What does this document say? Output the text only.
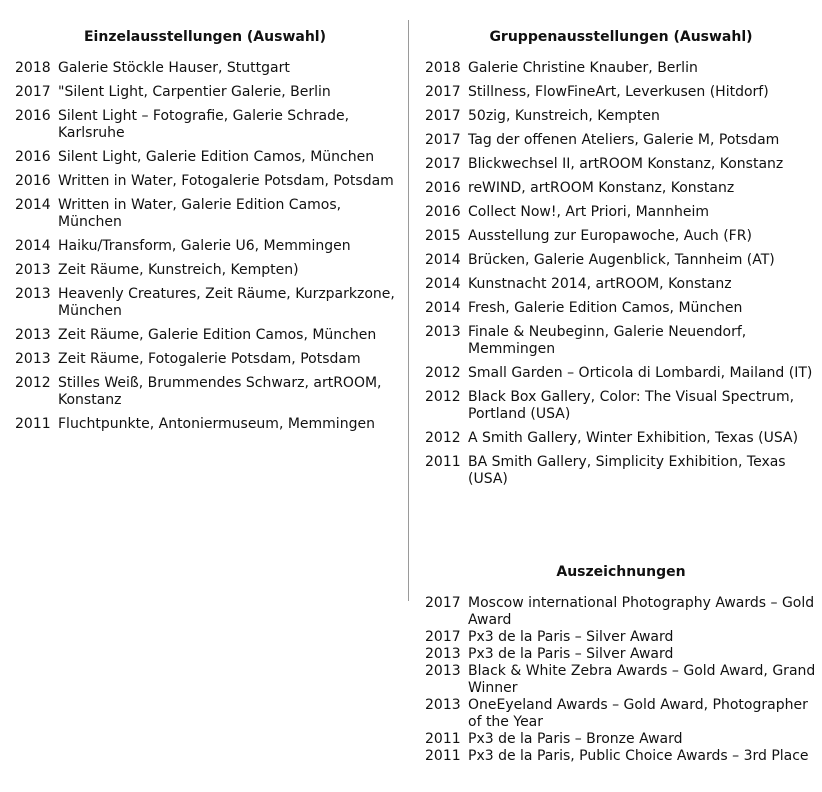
Einzelausstellungen (Auswahl)
2018 Galerie Stöckle Hauser, Stuttgart
2017 "Silent Light, Carpentier Galerie, Berlin
2016 Silent Light – Fotografie, Galerie Schrade, Karlsruhe
2016 Silent Light, Galerie Edition Camos, München
2016 Written in Water, Fotogalerie Potsdam, Potsdam
2014 Written in Water, Galerie Edition Camos, München
2014 Haiku/Transform, Galerie U6, Memmingen
2013 Zeit Räume, Kunstreich, Kempten)
2013 Heavenly Creatures, Zeit Räume, Kurzparkzone, München
2013 Zeit Räume, Galerie Edition Camos, München
2013 Zeit Räume, Fotogalerie Potsdam, Potsdam
2012 Stilles Weiß, Brummendes Schwarz, artROOM, Konstanz
2011 Fluchtpunkte, Antoniermuseum, Memmingen
Gruppenausstellungen (Auswahl)
2018 Galerie Christine Knauber, Berlin
2017 Stillness, FlowFineArt, Leverkusen (Hitdorf)
2017 50zig, Kunstreich, Kempten
2017 Tag der offenen Ateliers, Galerie M, Potsdam
2017 Blickwechsel II, artROOM Konstanz, Konstanz
2016 reWIND, artROOM Konstanz, Konstanz
2016 Collect Now!, Art Priori, Mannheim
2015 Ausstellung zur Europawoche, Auch (FR)
2014 Brücken, Galerie Augenblick, Tannheim (AT)
2014 Kunstnacht 2014, artROOM, Konstanz
2014 Fresh, Galerie Edition Camos, München
2013 Finale & Neubeginn, Galerie Neuendorf, Memmingen
2012 Small Garden – Orticola di Lombardi, Mailand (IT)
2012 Black Box Gallery, Color: The Visual Spectrum, Portland (USA)
2012 A Smith Gallery, Winter Exhibition, Texas (USA)
2011 BA Smith Gallery, Simplicity Exhibition, Texas (USA)
Auszeichnungen
2017 Moscow international Photography Awards – Gold Award
2017 Px3 de la Paris – Silver Award
2013 Px3 de la Paris – Silver Award
2013 Black & White Zebra Awards – Gold Award, Grand Winner
2013 OneEyeland Awards – Gold Award, Photographer of the Year
2011 Px3 de la Paris – Bronze Award
2011 Px3 de la Paris, Public Choice Awards – 3rd Place
